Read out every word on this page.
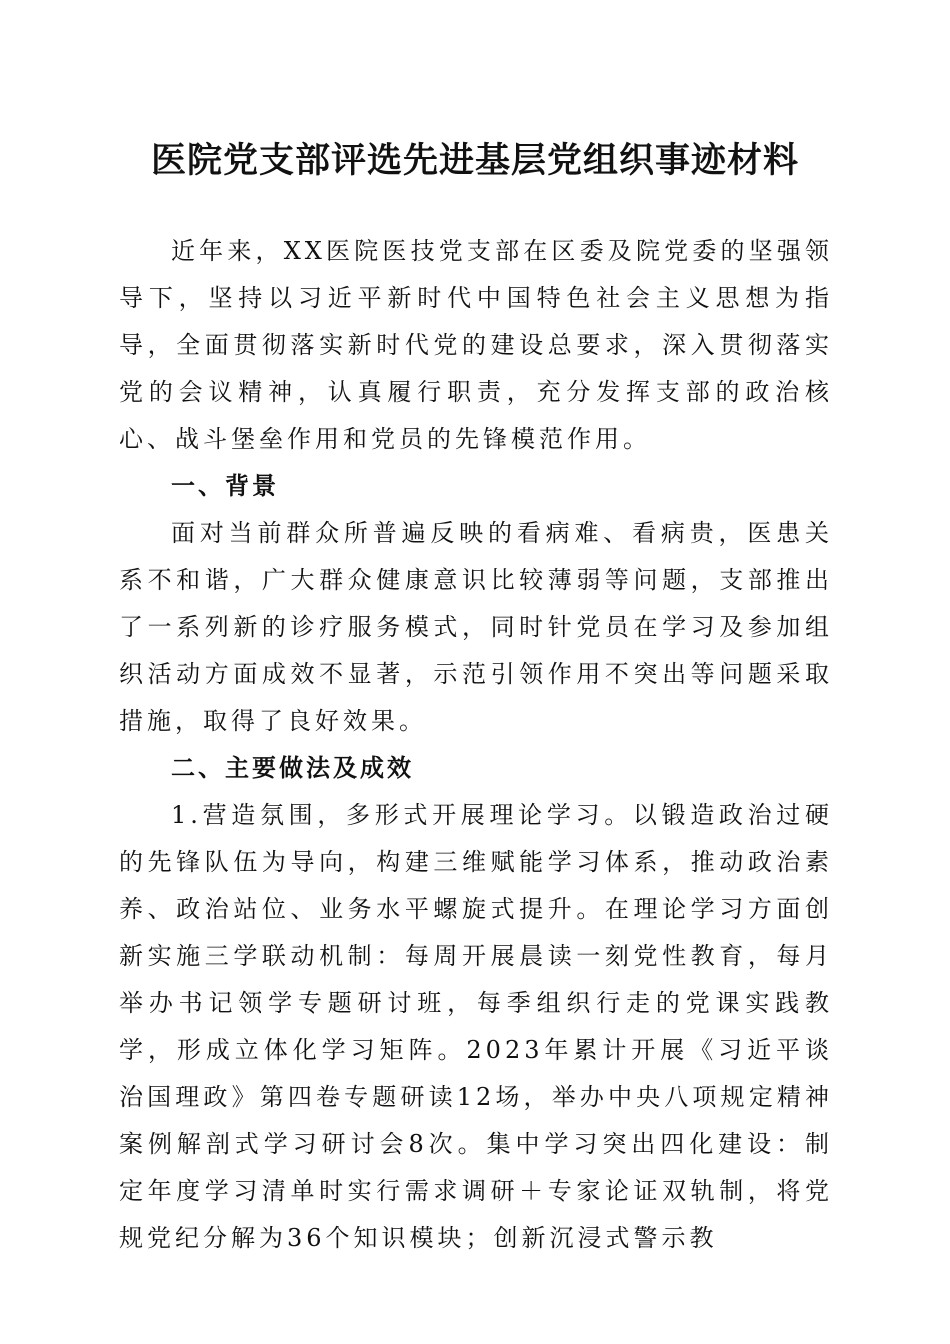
医院党支部评选先进基层党组织事迹材料

近年来，XX医院医技党支部在区委及院党委的坚强领导下，坚持以习近平新时代中国特色社会主义思想为指导，全面贯彻落实新时代党的建设总要求，深入贯彻落实党的会议精神，认真履行职责，充分发挥支部的政治核心、战斗堡垒作用和党员的先锋模范作用。

一、背景

面对当前群众所普遍反映的看病难、看病贵，医患关系不和谐，广大群众健康意识比较薄弱等问题，支部推出了一系列新的诊疗服务模式，同时针党员在学习及参加组织活动方面成效不显著，示范引领作用不突出等问题采取措施，取得了良好效果。

二、主要做法及成效

1.营造氛围，多形式开展理论学习。以锻造政治过硬的先锋队伍为导向，构建三维赋能学习体系，推动政治素养、政治站位、业务水平螺旋式提升。在理论学习方面创新实施三学联动机制：每周开展晨读一刻党性教育，每月举办书记领学专题研讨班，每季组织行走的党课实践教学，形成立体化学习矩阵。2023年累计开展《习近平谈治国理政》第四卷专题研读12场，举办中央八项规定精神案例解剖式学习研讨会8次。集中学习突出四化建设：制定年度学习清单时实行需求调研＋专家论证双轨制，将党规党纪分解为36个知识模块；创新沉浸式警示教
